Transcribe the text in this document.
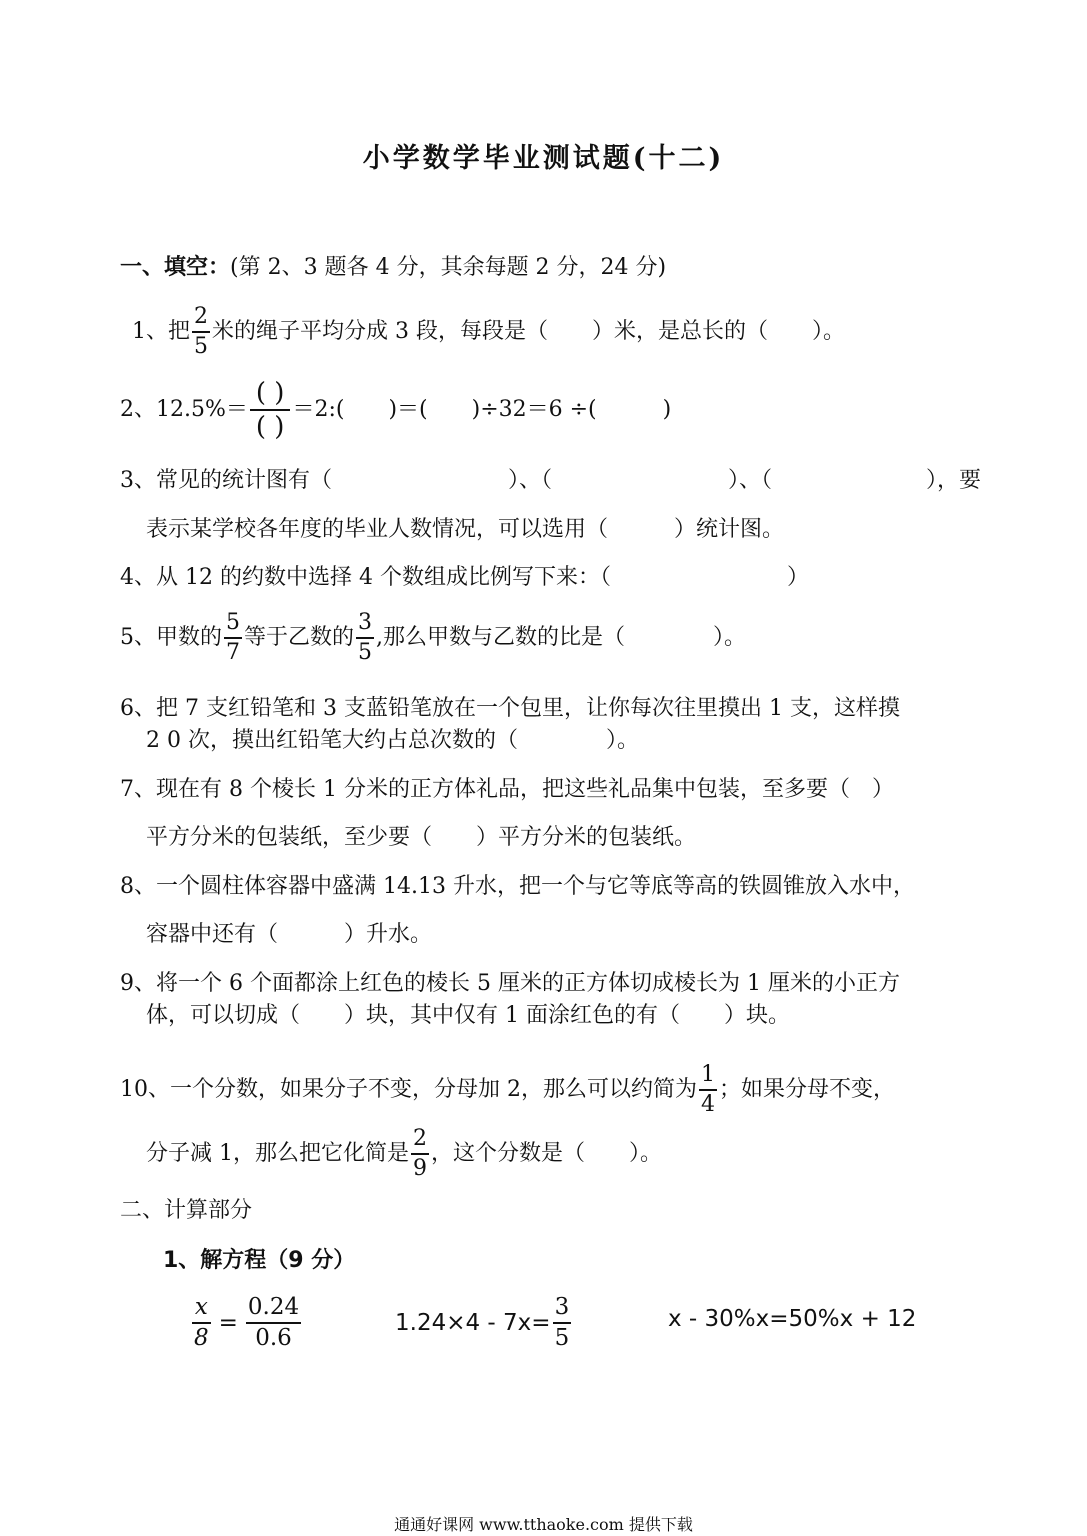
小学数学毕业测试题(十二)
一、填空：(第 2、3 题各 4 分，其余每题 2 分，24 分)
1、把 $\frac{2}{5}$ 米的绳子平均分成 3 段，每段是（　　）米，是总长的（　　）。
2、12.5%＝
( )
( )
＝2:(　　)＝(　　)÷32＝6 ÷(　　　)
3、常见的统计图有（　　　　　　　　）、（　　　　　　　　）、（　　　　　　　），要
表示某学校各年度的毕业人数情况，可以选用（　　　）统计图。
4、从 12 的约数中选择 4 个数组成比例写下来：（　　　　　　　　）
5、甲数的 $\frac{5}{7}$ 等于乙数的 $\frac{3}{5}$ ,那么甲数与乙数的比是（　　　　）。
6、把 7 支红铅笔和 3 支蓝铅笔放在一个包里，让你每次往里摸出 1 支，这样摸
2 0 次，摸出红铅笔大约占总次数的（　　　　）。
7、现在有 8 个棱长 1 分米的正方体礼品，把这些礼品集中包装，至多要（　）
平方分米的包装纸，至少要（　　）平方分米的包装纸。
8、一个圆柱体容器中盛满 14.13 升水，把一个与它等底等高的铁圆锥放入水中，
容器中还有（　　　）升水。
9、将一个 6 个面都涂上红色的棱长 5 厘米的正方体切成棱长为 1 厘米的小正方
体，可以切成（　　）块，其中仅有 1 面涂红色的有（　　）块。
10、一个分数，如果分子不变，分母加 2，那么可以约简为 $\frac{1}{4}$ ；如果分母不变，
分子减 1，那么把它化简是 $\frac{2}{9}$ ，这个分数是（　　）。
二、计算部分
1、解方程（9 分）
$\frac{x}{8} = \frac{0.24}{0.6}$	$1.24\times 4 - 7x= \frac{3}{5}$	x - 30%x=50%x + 12
通通好课网 www.tthaoke.com 提供下载
